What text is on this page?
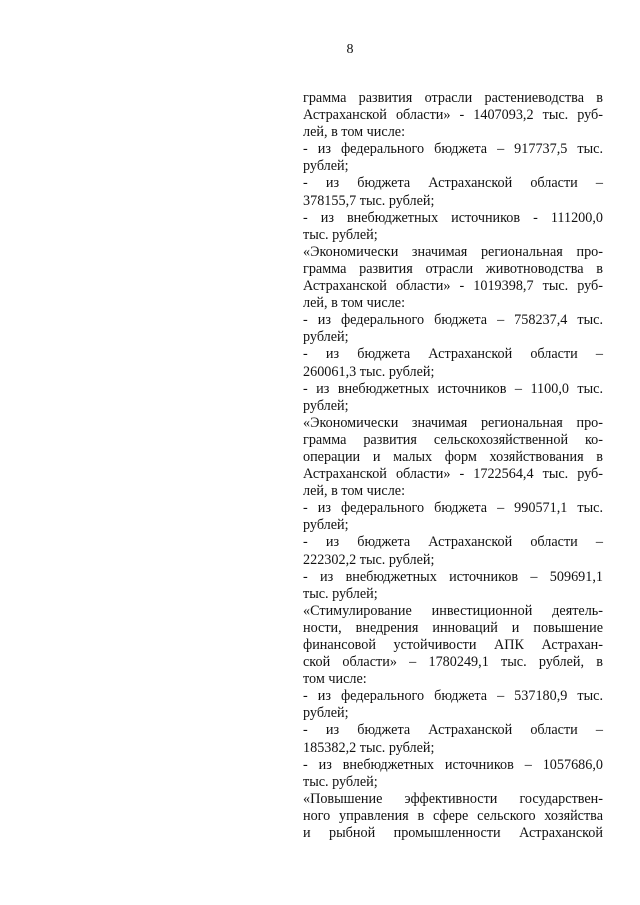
8
грамма развития отрасли растениеводства в
Астраханской области» - 1407093,2 тыс. руб-
лей, в том числе:
- из федерального бюджета – 917737,5 тыс.
рублей;
- из бюджета Астраханской области –
378155,7 тыс. рублей;
- из внебюджетных источников - 111200,0
тыс. рублей;
«Экономически значимая региональная про-
грамма развития отрасли животноводства в
Астраханской области» - 1019398,7 тыс. руб-
лей, в том числе:
- из федерального бюджета – 758237,4 тыс.
рублей;
- из бюджета Астраханской области –
260061,3 тыс. рублей;
- из внебюджетных источников – 1100,0 тыс.
рублей;
«Экономически значимая региональная про-
грамма развития сельскохозяйственной ко-
операции и малых форм хозяйствования в
Астраханской области» - 1722564,4 тыс. руб-
лей, в том числе:
- из федерального бюджета – 990571,1 тыс.
рублей;
- из бюджета Астраханской области –
222302,2 тыс. рублей;
- из внебюджетных источников – 509691,1
тыс. рублей;
«Стимулирование инвестиционной деятель-
ности, внедрения инноваций и повышение
финансовой устойчивости АПК Астрахан-
ской области» – 1780249,1 тыс. рублей, в
том числе:
- из федерального бюджета – 537180,9 тыс.
рублей;
- из бюджета Астраханской области –
185382,2 тыс. рублей;
- из внебюджетных источников – 1057686,0
тыс. рублей;
«Повышение эффективности государствен-
ного управления в сфере сельского хозяйства
и рыбной промышленности Астраханской
